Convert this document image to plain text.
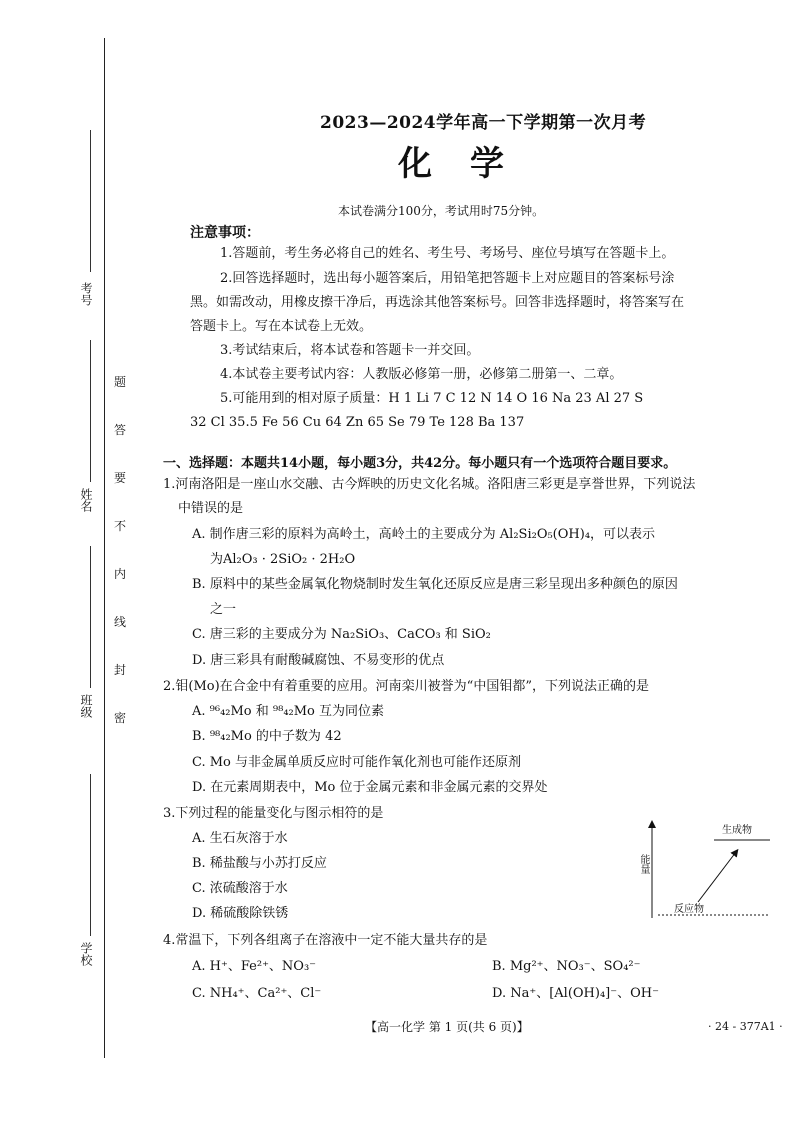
考号
姓名
班级
学校
题
答
要
不
内
线
封
密
2023—2024学年高一下学期第一次月考
化学
本试卷满分100分，考试用时75分钟。
注意事项：
1.答题前，考生务必将自己的姓名、考生号、考场号、座位号填写在答题卡上。
2.回答选择题时，选出每小题答案后，用铅笔把答题卡上对应题目的答案标号涂
黑。如需改动，用橡皮擦干净后，再选涂其他答案标号。回答非选择题时，将答案写在
答题卡上。写在本试卷上无效。
3.考试结束后，将本试卷和答题卡一并交回。
4.本试卷主要考试内容：人教版必修第一册，必修第二册第一、二章。
5.可能用到的相对原子质量：H 1 Li 7 C 12 N 14 O 16 Na 23 Al 27 S
32 Cl 35.5 Fe 56 Cu 64 Zn 65 Se 79 Te 128 Ba 137
一、选择题：本题共14小题，每小题3分，共42分。每小题只有一个选项符合题目要求。
1.河南洛阳是一座山水交融、古今辉映的历史文化名城。洛阳唐三彩更是享誉世界，下列说法
中错误的是
A. 制作唐三彩的原料为高岭土，高岭土的主要成分为 Al₂Si₂O₅(OH)₄，可以表示
为Al₂O₃ · 2SiO₂ · 2H₂O
B. 原料中的某些金属氧化物烧制时发生氧化还原反应是唐三彩呈现出多种颜色的原因
之一
C. 唐三彩的主要成分为 Na₂SiO₃、CaCO₃ 和 SiO₂
D. 唐三彩具有耐酸碱腐蚀、不易变形的优点
2.钼(Mo)在合金中有着重要的应用。河南栾川被誉为“中国钼都”，下列说法正确的是
A. ⁹⁶₄₂Mo 和 ⁹⁸₄₂Mo 互为同位素
B. ⁹⁸₄₂Mo 的中子数为 42
C. Mo 与非金属单质反应时可能作氧化剂也可能作还原剂
D. 在元素周期表中，Mo 位于金属元素和非金属元素的交界处
3.下列过程的能量变化与图示相符的是
A. 生石灰溶于水
B. 稀盐酸与小苏打反应
C. 浓硫酸溶于水
D. 稀硫酸除铁锈
能量
生成物
反应物
4.常温下，下列各组离子在溶液中一定不能大量共存的是
A. H⁺、Fe²⁺、NO₃⁻	B. Mg²⁺、NO₃⁻、SO₄²⁻
C. NH₄⁺、Ca²⁺、Cl⁻	D. Na⁺、[Al(OH)₄]⁻、OH⁻
【高一化学 第 1 页(共 6 页)】	· 24 - 377A1 ·
